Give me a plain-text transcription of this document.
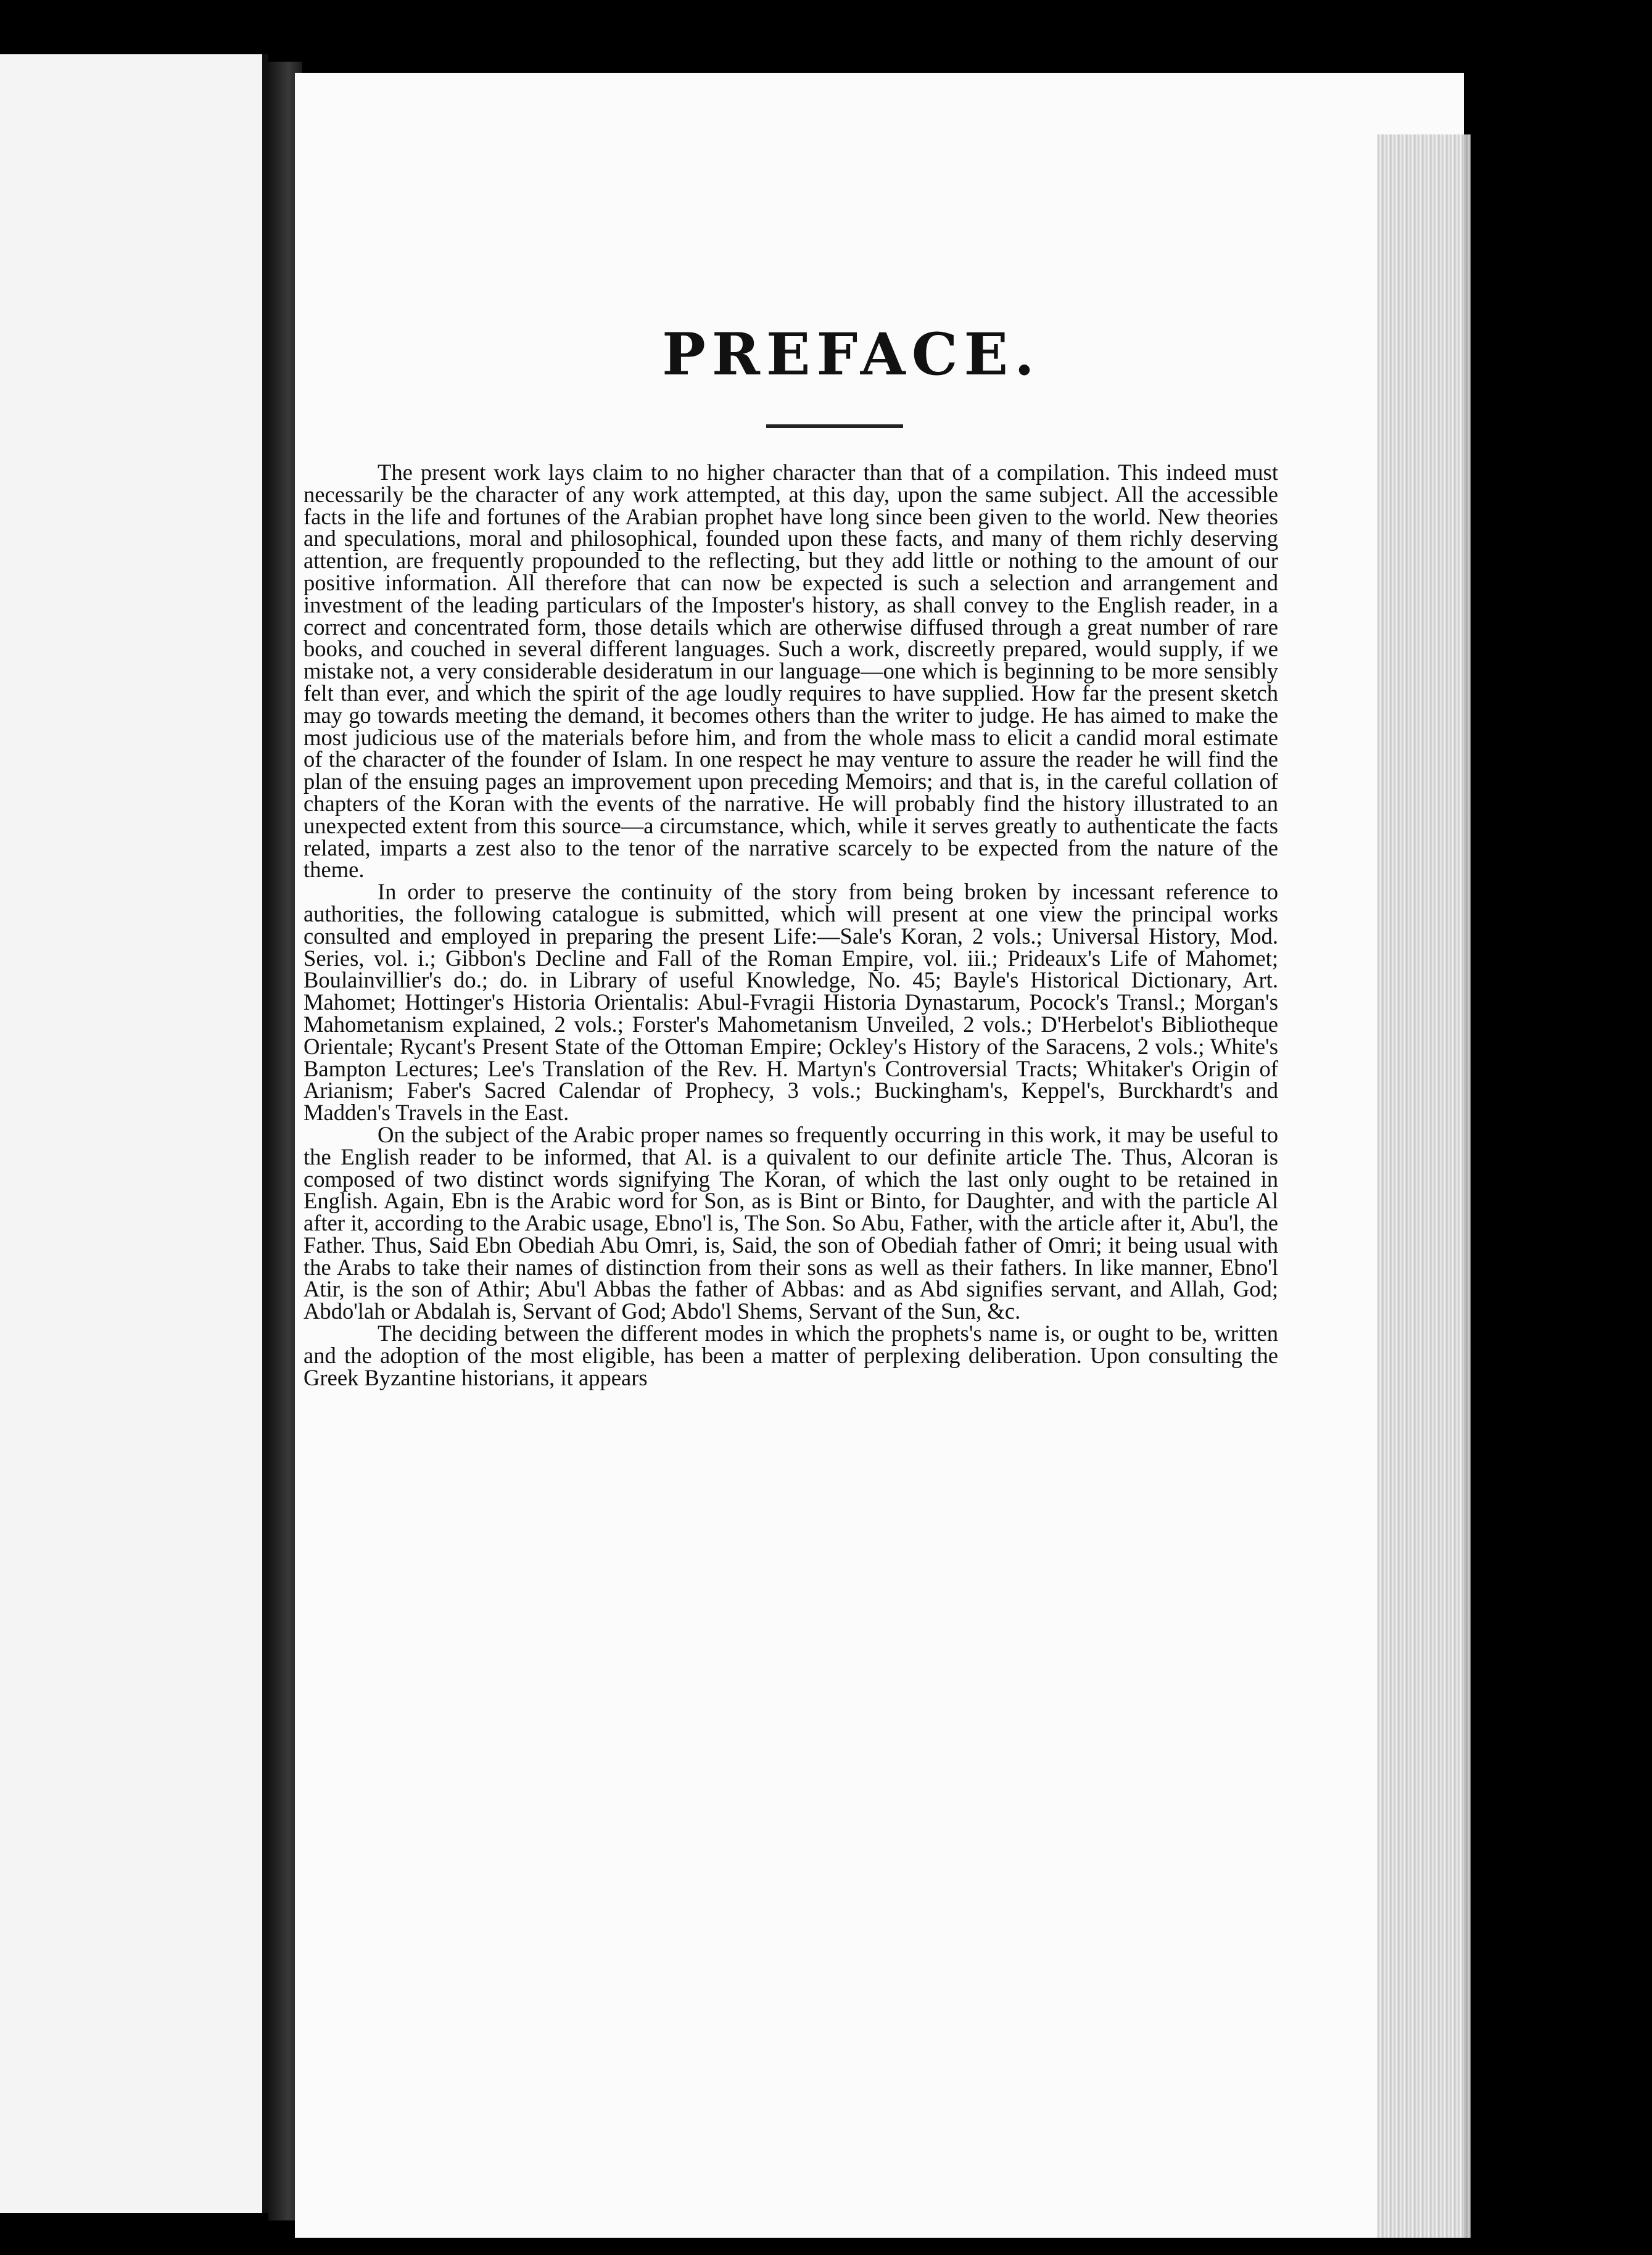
PREFACE.

The present work lays claim to no higher character than that of a compilation. This indeed must necessarily be the character of any work attempted, at this day, upon the same subject. All the accessible facts in the life and fortunes of the Arabian prophet have long since been given to the world. New theories and speculations, moral and philosophical, founded upon these facts, and many of them richly deserving attention, are frequently propounded to the reflecting, but they add little or nothing to the amount of our positive information. All therefore that can now be expected is such a selection and arrangement and investment of the leading particulars of the Imposter's history, as shall convey to the English reader, in a correct and concentrated form, those details which are otherwise diffused through a great number of rare books, and couched in several different languages. Such a work, discreetly prepared, would supply, if we mistake not, a very considerable desideratum in our language—one which is beginning to be more sensibly felt than ever, and which the spirit of the age loudly requires to have supplied. How far the present sketch may go towards meeting the demand, it becomes others than the writer to judge. He has aimed to make the most judicious use of the materials before him, and from the whole mass to elicit a candid moral estimate of the character of the founder of Islam. In one respect he may venture to assure the reader he will find the plan of the ensuing pages an improvement upon preceding Memoirs; and that is, in the careful collation of chapters of the Koran with the events of the narrative. He will probably find the history illustrated to an unexpected extent from this source—a circumstance, which, while it serves greatly to authenticate the facts related, imparts a zest also to the tenor of the narrative scarcely to be expected from the nature of the theme.

In order to preserve the continuity of the story from being broken by incessant reference to authorities, the following catalogue is submitted, which will present at one view the principal works consulted and employed in preparing the present Life:—Sale's Koran, 2 vols.; Universal History, Mod. Series, vol. i.; Gibbon's Decline and Fall of the Roman Empire, vol. iii.; Prideaux's Life of Mahomet; Boulainvillier's do.; do. in Library of useful Knowledge, No. 45; Bayle's Historical Dictionary, Art. Mahomet; Hottinger's Historia Orientalis: Abul-Fvragii Historia Dynastarum, Pocock's Transl.; Morgan's Mahometanism explained, 2 vols.; Forster's Mahometanism Unveiled, 2 vols.; D'Herbelot's Bibliotheque Orientale; Rycant's Present State of the Ottoman Empire; Ockley's History of the Saracens, 2 vols.; White's Bampton Lectures; Lee's Translation of the Rev. H. Martyn's Controversial Tracts; Whitaker's Origin of Arianism; Faber's Sacred Calendar of Prophecy, 3 vols.; Buckingham's, Keppel's, Burckhardt's and Madden's Travels in the East.

On the subject of the Arabic proper names so frequently occurring in this work, it may be useful to the English reader to be informed, that Al. is a quivalent to our definite article The. Thus, Alcoran is composed of two distinct words signifying The Koran, of which the last only ought to be retained in English. Again, Ebn is the Arabic word for Son, as is Bint or Binto, for Daughter, and with the particle Al after it, according to the Arabic usage, Ebno'l is, The Son. So Abu, Father, with the article after it, Abu'l, the Father. Thus, Said Ebn Obediah Abu Omri, is, Said, the son of Obediah father of Omri; it being usual with the Arabs to take their names of distinction from their sons as well as their fathers. In like manner, Ebno'l Atir, is the son of Athir; Abu'l Abbas the father of Abbas: and as Abd signifies servant, and Allah, God; Abdo'lah or Abdalah is, Servant of God; Abdo'l Shems, Servant of the Sun, &c.

The deciding between the different modes in which the prophets's name is, or ought to be, written and the adoption of the most eligible, has been a matter of perplexing deliberation. Upon consulting the Greek Byzantine historians, it appears
